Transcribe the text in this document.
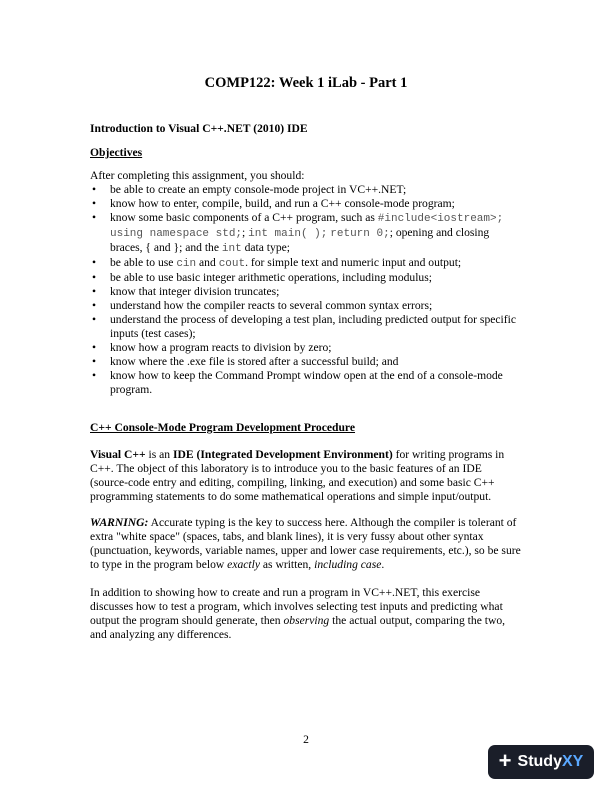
COMP122: Week 1 iLab - Part 1
Introduction to Visual C++.NET (2010) IDE
Objectives

After completing this assignment, you should:

• be able to create an empty console-mode project in VC++.NET;
• know how to enter, compile, build, and run a C++ console-mode program;
• know some basic components of a C++ program, such as #include<iostream>;
using namespace std;; int main( ); return 0;; opening and closing braces, { and }; and the int data type;
• be able to use cin and cout. for simple text and numeric input and output;
• be able to use basic integer arithmetic operations, including modulus;
• know that integer division truncates;
• understand how the compiler reacts to several common syntax errors;
• understand the process of developing a test plan, including predicted output for specific inputs (test cases);
• know how a program reacts to division by zero;
• know where the .exe file is stored after a successful build; and
• know how to keep the Command Prompt window open at the end of a console-mode program.
C++ Console-Mode Program Development Procedure

Visual C++ is an IDE (Integrated Development Environment) for writing programs in C++. The object of this laboratory is to introduce you to the basic features of an IDE (source-code entry and editing, compiling, linking, and execution) and some basic C++ programming statements to do some mathematical operations and simple input/output.

WARNING: Accurate typing is the key to success here. Although the compiler is tolerant of extra "white space" (spaces, tabs, and blank lines), it is very fussy about other syntax (punctuation, keywords, variable names, upper and lower case requirements, etc.), so be sure to type in the program below exactly as written, including case.

In addition to showing how to create and run a program in VC++.NET, this exercise discusses how to test a program, which involves selecting test inputs and predicting what output the program should generate, then observing the actual output, comparing the two, and analyzing any differences.

2
+ StudyXY
